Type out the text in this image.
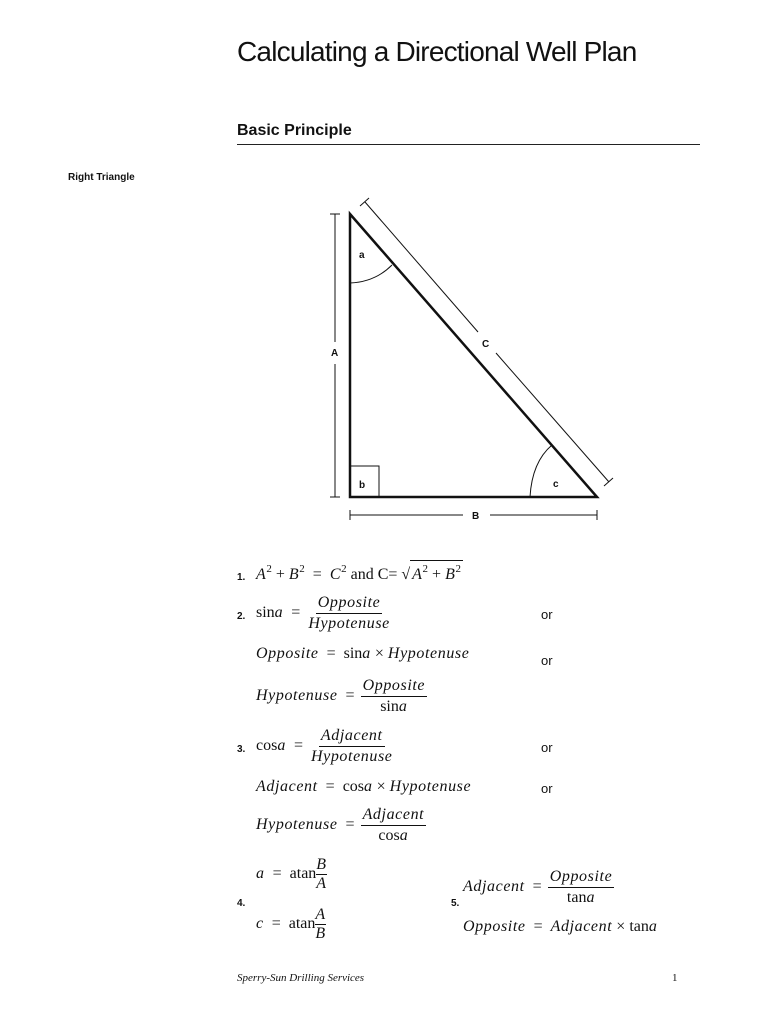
Calculating a Directional Well Plan
Basic Principle
Right Triangle
a
b	c
A
B
C
1. $A^2 + B^2 = C^2$ and C= √ $A^2 + B^2$
2. $\sin a = \frac{\text{Opposite}}{\text{Hypotenuse}}$	or
Opposite  =  sina × Hypotenuse	or
Hypotenuse  = $\frac{\text{Opposite}}{\sin a}$
3. $\cos a = \frac{\text{Adjacent}}{\text{Hypotenuse}}$	or
Adjacent  =  cosa × Hypotenuse	or
Hypotenuse  = $\frac{\text{Adjacent}}{\cos a}$
4.
a  =  atan $\frac{B}{A}$
c  =  atan $\frac{A}{B}$
5.
Adjacent  = $\frac{\text{Opposite}}{\tan a}$
Opposite  =  Adjacent × tana
Sperry-Sun Drilling Services	1
